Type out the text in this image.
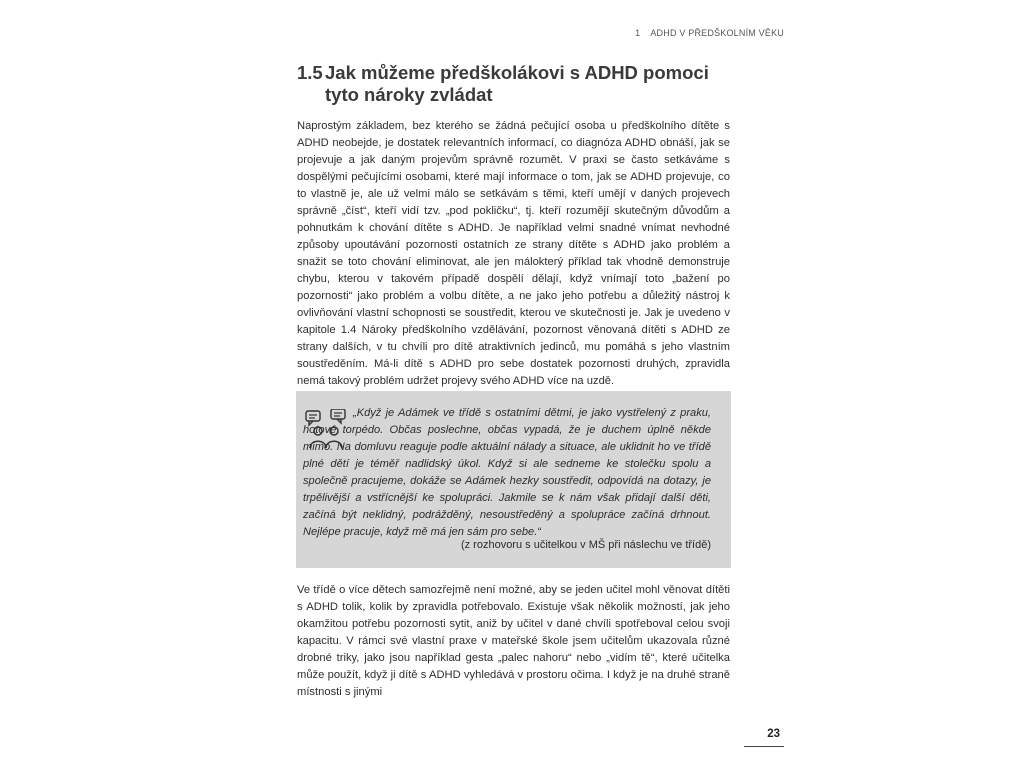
1 ADHD V PŘEDŠKOLNÍM VĚKU
1.5 Jak můžeme předškolákovi s ADHD pomoci
tyto nároky zvládat

Naprostým základem, bez kterého se žádná pečující osoba u předškolního dítěte s ADHD neobejde, je dostatek relevantních informací, co diagnóza ADHD obnáší, jak se projevuje a jak daným projevům správně rozumět. V praxi se často setkáváme s dospělými pečujícími osobami, které mají informace o tom, jak se ADHD projevuje, co to vlastně je, ale už velmi málo se setkávám s těmi, kteří umějí v daných projevech správně „číst“, kteří vidí tzv. „pod pokličku“, tj. kteří rozumějí skutečným důvodům a pohnutkám k chování dítěte s ADHD. Je například velmi snadné vnímat nevhodné způsoby upoutávání pozornosti ostatních ze strany dítěte s ADHD jako problém a snažit se toto chování eliminovat, ale jen málokterý příklad tak vhodně demonstruje chybu, kterou v takovém případě dospělí dělají, když vnímají toto „bažení po pozornosti“ jako problém a volbu dítěte, a ne jako jeho potřebu a důležitý nástroj k ovlivňování vlastní schopnosti se soustředit, kterou ve skutečnosti je. Jak je uvedeno v kapitole 1.4 Nároky předškolního vzdělávání, pozornost věnovaná dítěti s ADHD ze strany dalších, v tu chvíli pro dítě atraktivních jedinců, mu pomáhá s jeho vlastním soustředěním. Má-li dítě s ADHD pro sebe dostatek pozornosti druhých, zpravidla nemá takový problém udržet projevy svého ADHD více na uzdě.

„Když je Adámek ve třídě s ostatními dětmi, je jako vystřelený z praku, hotové torpédo. Občas poslechne, občas vypadá, že je duchem úplně někde mimo. Na domluvu reaguje podle aktuální nálady a situace, ale uklidnit ho ve třídě plné dětí je téměř nadlidský úkol. Když si ale sedneme ke stolečku spolu a společně pracujeme, dokáže se Adámek hezky soustředit, odpovídá na dotazy, je trpělivější a vstřícnější ke spolupráci. Jakmile se k nám však přidají další děti, začíná být neklidný, podrážděný, nesoustředěný a spolupráce začíná drhnout. Nejlépe pracuje, když mě má jen sám pro sebe.“

(z rozhovoru s učitelkou v MŠ při náslechu ve třídě)

Ve třídě o více dětech samozřejmě není možné, aby se jeden učitel mohl věnovat dítěti s ADHD tolik, kolik by zpravidla potřebovalo. Existuje však několik možností, jak jeho okamžitou potřebu pozornosti sytit, aniž by učitel v dané chvíli spotřeboval celou svoji kapacitu. V rámci své vlastní praxe v mateřské škole jsem učitelům ukazovala různé drobné triky, jako jsou například gesta „palec nahoru“ nebo „vidím tě“, které učitelka může použít, když ji dítě s ADHD vyhledává v prostoru očima. I když je na druhé straně místnosti s jinými

23
